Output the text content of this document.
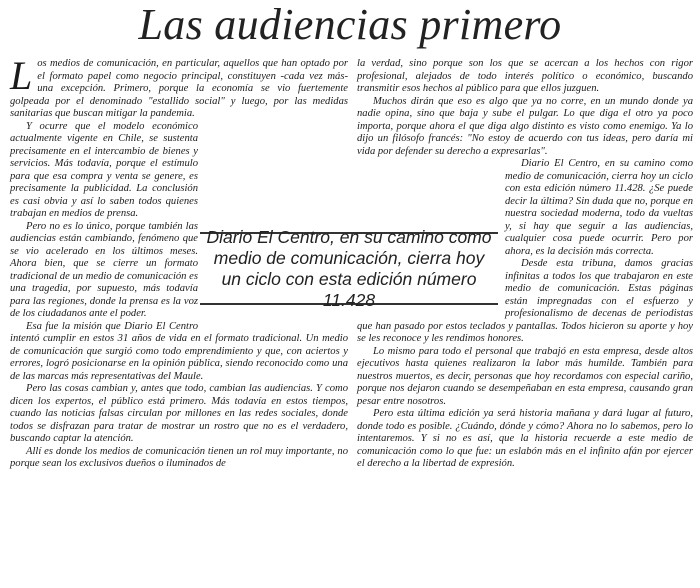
Las audiencias primero

Los medios de comunicación, en particular, aquellos que han optado por el formato papel como negocio principal, constituyen -cada vez más- una excepción. Primero, porque la economía se vio fuertemente golpeada por el denominado "estallido social" y luego, por las medidas sanitarias que buscan mitigar la pandemia.

Y ocurre que el modelo económico actualmente vigente en Chile, se sustenta precisamente en el intercambio de bienes y servicios. Más todavía, porque el estímulo para que esa compra y venta se genere, es precisamente la publicidad. La conclusión es casi obvia y así lo saben todos quienes trabajan en medios de prensa.

Pero no es lo único, porque también las audiencias están cambiando, fenómeno que se vio acelerado en los últimos meses. Ahora bien, que se cierre un formato tradicional de un medio de comunicación es una tragedia, por supuesto, más todavía para las regiones, donde la prensa es la voz de los ciudadanos ante el poder.

Esa fue la misión que Diario El Centro intentó cumplir en estos 31 años de vida en el formato tradicional. Un medio de comunicación que surgió como todo emprendimiento y que, con aciertos y errores, logró posicionarse en la opinión pública, siendo reconocido como una de las marcas más representativas del Maule.

Pero las cosas cambian y, antes que todo, cambian las audiencias. Y como dicen los expertos, el público está primero. Más todavía en estos tiempos, cuando las noticias falsas circulan por millones en las redes sociales, donde todos se disfrazan para tratar de mostrar un rostro que no es el verdadero, buscando captar la atención.

Allí es donde los medios de comunicación tienen un rol muy importante, no porque sean los exclusivos dueños o iluminados de

la verdad, sino porque son los que se acercan a los hechos con rigor profesional, alejados de todo interés político o económico, buscando transmitir esos hechos al público para que ellos juzguen.

Muchos dirán que eso es algo que ya no corre, en un mundo donde ya nadie opina, sino que baja y sube el pulgar. Lo que diga el otro ya poco importa, porque ahora el que diga algo distinto es visto como enemigo. Ya lo dijo un filósofo francés: "No estoy de acuerdo con tus ideas, pero daría mi vida por defender su derecho a expresarlas".

Diario El Centro, en su camino como medio de comunicación, cierra hoy un ciclo con esta edición número 11.428. ¿Se puede decir la última? Sin duda que no, porque en nuestra sociedad moderna, todo da vueltas y, si hay que seguir a las audiencias, cualquier cosa puede ocurrir. Pero por ahora, es la decisión más correcta.

Desde esta tribuna, damos gracias infinitas a todos los que trabajaron en este medio de comunicación. Estas páginas están impregnadas con el esfuerzo y profesionalismo de decenas de periodistas que han pasado por estos teclados y pantallas. Todos hicieron su aporte y hoy se les reconoce y les rendimos honores.

Lo mismo para todo el personal que trabajó en esta empresa, desde altos ejecutivos hasta quienes realizaron la labor más humilde. También para nuestros muertos, es decir, personas que hoy recordamos con especial cariño, porque nos dejaron cuando se desempeñaban en esta empresa, causando gran pesar entre nosotros.

Pero esta última edición ya será historia mañana y dará lugar al futuro, donde todo es posible. ¿Cuándo, dónde y cómo? Ahora no lo sabemos, pero lo intentaremos. Y si no es así, que la historia recuerde a este medio de comunicación como lo que fue: un eslabón más en el infinito afán por ejercer el derecho a la libertad de expresión.

Diario El Centro, en su camino como medio de comunicación, cierra hoy un ciclo con esta edición número 11.428
